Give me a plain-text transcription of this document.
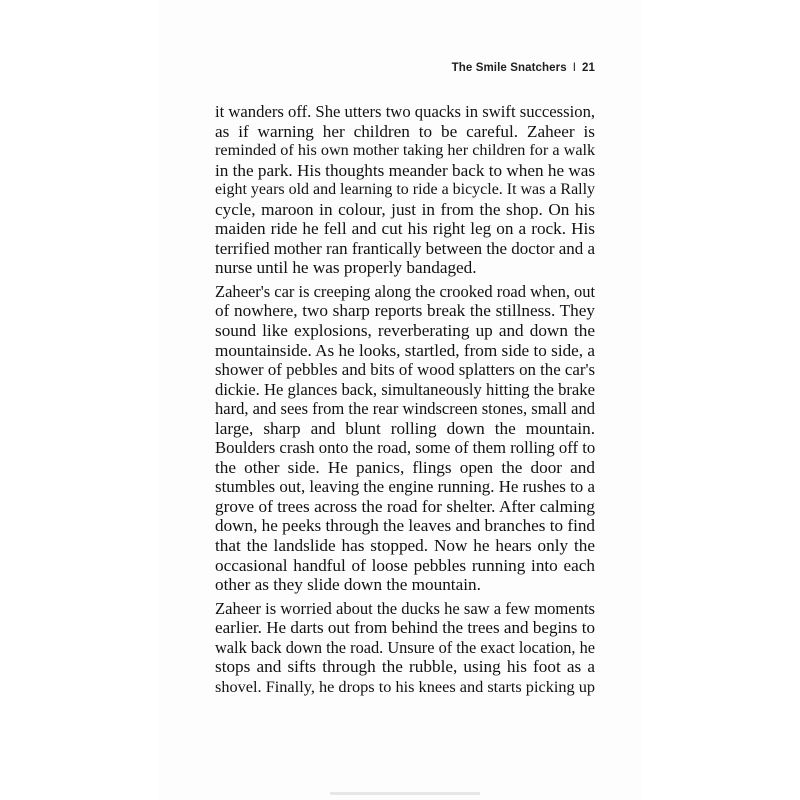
The Smile Snatchers I 21

it wanders off. She utters two quacks in swift succession,
as if warning her children to be careful. Zaheer is
reminded of his own mother taking her children for a walk
in the park. His thoughts meander back to when he was
eight years old and learning to ride a bicycle. It was a Rally
cycle, maroon in colour, just in from the shop. On his
maiden ride he fell and cut his right leg on a rock. His
terrified mother ran frantically between the doctor and a
nurse until he was properly bandaged.

Zaheer's car is creeping along the crooked road when, out
of nowhere, two sharp reports break the stillness. They
sound like explosions, reverberating up and down the
mountainside. As he looks, startled, from side to side, a
shower of pebbles and bits of wood splatters on the car's
dickie. He glances back, simultaneously hitting the brake
hard, and sees from the rear windscreen stones, small and
large, sharp and blunt rolling down the mountain.
Boulders crash onto the road, some of them rolling off to
the other side. He panics, flings open the door and
stumbles out, leaving the engine running. He rushes to a
grove of trees across the road for shelter. After calming
down, he peeks through the leaves and branches to find
that the landslide has stopped. Now he hears only the
occasional handful of loose pebbles running into each
other as they slide down the mountain.

Zaheer is worried about the ducks he saw a few moments
earlier. He darts out from behind the trees and begins to
walk back down the road. Unsure of the exact location, he
stops and sifts through the rubble, using his foot as a
shovel. Finally, he drops to his knees and starts picking up
